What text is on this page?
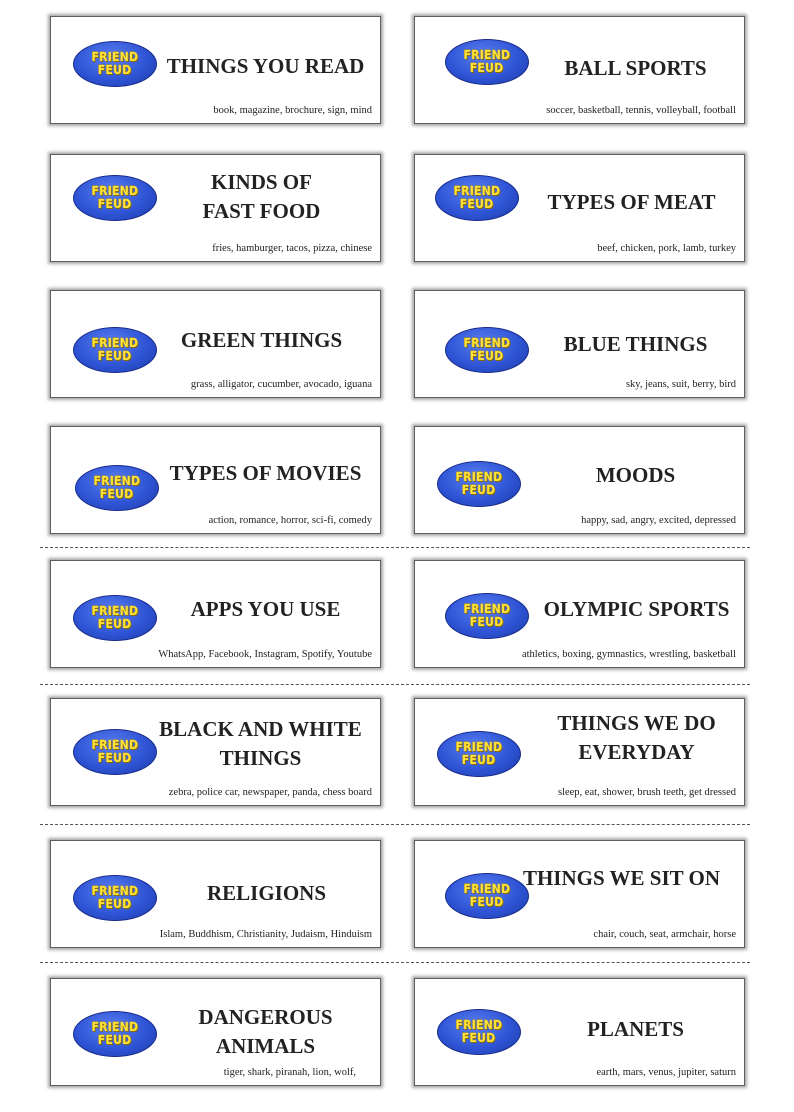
FRIEND
FEUD	THINGS YOU READ
book, magazine, brochure, sign, mind
FRIEND
FEUD	BALL SPORTS
soccer, basketball, tennis, volleyball, football
FRIEND
FEUD
KINDS OF
FAST FOOD
fries, hamburger, tacos, pizza, chinese
FRIEND
FEUD	TYPES OF MEAT
beef, chicken, pork, lamb, turkey
FRIEND
FEUD
GREEN THINGS
grass, alligator, cucumber, avocado, iguana
FRIEND
FEUD	BLUE THINGS
sky, jeans, suit, berry, bird
FRIEND
FEUD
TYPES OF MOVIES
action, romance, horror, sci-fi, comedy
FRIEND
FEUD
MOODS
happy, sad, angry, excited, depressed
FRIEND
FEUD
APPS YOU USE
WhatsApp, Facebook, Instagram, Spotify, Youtube
FRIEND
FEUD
OLYMPIC SPORTS
athletics, boxing, gymnastics, wrestling, basketball
FRIEND
FEUD
BLACK AND WHITE
THINGS
zebra, police car, newspaper, panda, chess board
FRIEND
FEUD
THINGS WE DO
EVERYDAY
sleep, eat, shower, brush teeth, get dressed
FRIEND
FEUD	RELIGIONS
Islam, Buddhism, Christianity, Judaism, Hinduism
FRIEND
FEUD
THINGS WE SIT ON
chair, couch, seat, armchair, horse
FRIEND
FEUD
DANGEROUS
ANIMALS
tiger, shark, piranah, lion, wolf,
FRIEND
FEUD	PLANETS
earth, mars, venus, jupiter, saturn
